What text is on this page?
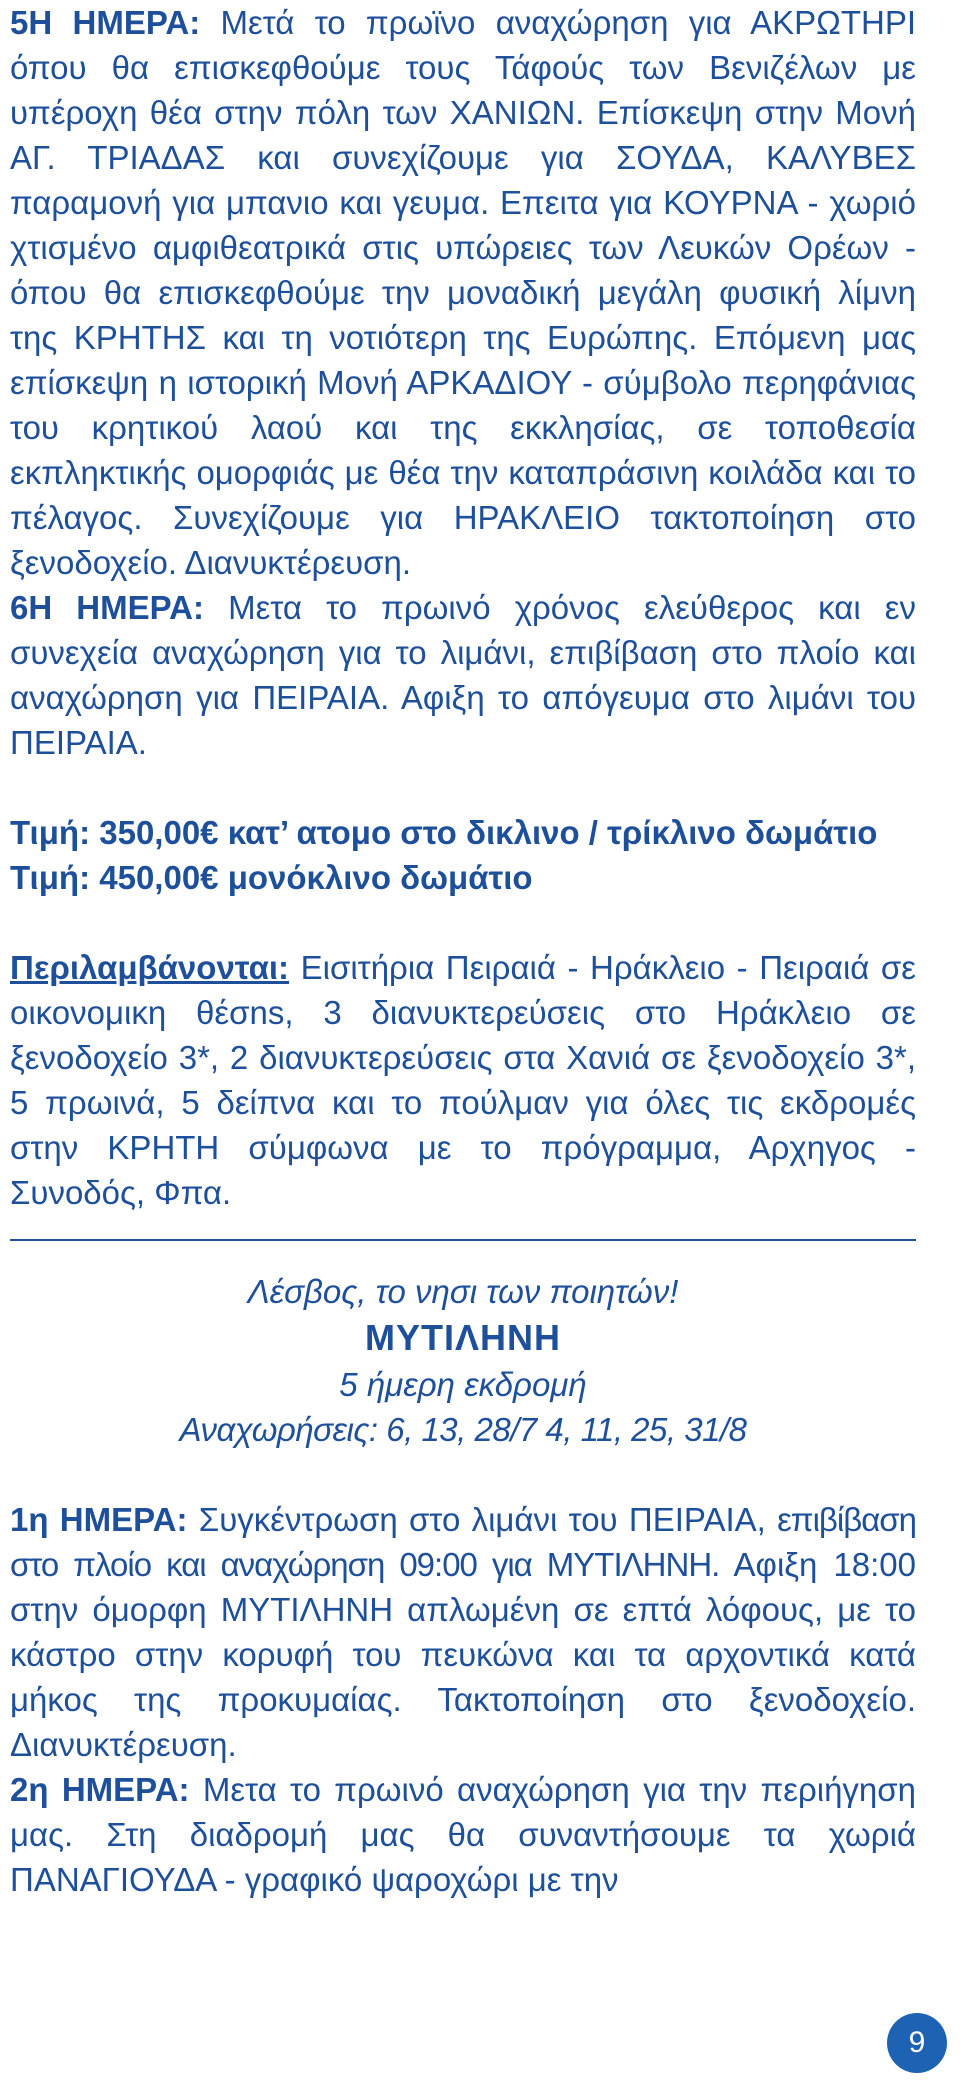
5Η ΗΜΕΡΑ: Μετά το πρωϊνο αναχώρηση για ΑΚΡΩΤΗΡΙ όπου θα επισκεφθούμε τους Τάφούς των Βενιζέλων με υπέροχη θέα στην πόλη των ΧΑΝΙΩΝ. Επίσκεψη στην Μονή ΑΓ. ΤΡΙΑΔΑΣ και συνεχίζουμε για ΣΟΥΔΑ, ΚΑΛΥΒΕΣ παραμονή για μπανιο και γευμα. Επειτα για ΚΟΥΡΝΑ - χωριό χτισμένο αμφιθεατρικά στις υπώρειες των Λευκών Ορέων - όπου θα επισκεφθούμε την μοναδική μεγάλη φυσική λίμνη της ΚΡΗΤΗΣ και τη νοτιότερη της Ευρώπης. Επόμενη μας επίσκεψη η ιστορική Μονή ΑΡΚΑΔΙΟΥ - σύμβολο περηφάνιας του κρητικού λαού και της εκκλησίας, σε τοποθεσία εκπληκτικής ομορφιάς με θέα την καταπράσινη κοιλάδα και το πέλαγος. Συνεχίζουμε για ΗΡΑΚΛΕΙΟ τακτοποίηση στο ξενοδοχείο. Διανυκτέρευση.

6Η ΗΜΕΡΑ: Μετα το πρωινό χρόνος ελεύθερος και εν συνεχεία αναχώρηση για το λιμάνι, επιβίβαση στο πλοίο και αναχώρηση για ΠΕΙΡΑΙΑ. Αφιξη το απόγευμα στο λιμάνι του ΠΕΙΡΑΙΑ.

Τιμή: 350,00€ κατ’ ατομο στο δικλινο / τρίκλινο δωμάτιο

Τιμή: 450,00€ μονόκλινο δωμάτιο

Περιλαμβάνονται: Εισιτήρια Πειραιά - Ηράκλειο - Πειραιά σε οικονομικη θέσns, 3 διανυκτερεύσεις στο Ηράκλειο σε ξενοδοχείο 3*, 2 διανυκτερεύσεις στα Χανιά σε ξενοδοχείο 3*, 5 πρωινά, 5 δείπνα και το πούλμαν για όλες τις εκδρομές στην ΚΡΗΤΗ σύμφωνα με το πρόγραμμα, Αρχηγος - Συνοδός, Φπα.

Λέσβος, το νησι των ποιητών!

ΜΥΤΙΛΗΝΗ

5 ήμερη εκδρομή

Αναχωρήσεις: 6, 13, 28/7 4, 11, 25, 31/8

1η ΗΜΕΡΑ: Συγκέντρωση στο λιμάνι του ΠΕΙΡΑΙΑ, επιβίβαση στο πλοίο και αναχώρηση 09:00 για ΜΥΤΙΛΗΝΗ. Αφιξη 18:00 στην όμορφη ΜΥΤΙΛΗΝΗ απλωμένη σε επτά λόφους, με το κάστρο στην κορυφή του πευκώνα και τα αρχοντικά κατά μήκος της προκυμαίας. Τακτοποίηση στο ξενοδοχείο. Διανυκτέρευση.

2η ΗΜΕΡΑ: Μετα το πρωινό αναχώρηση για την περιήγηση μας. Στη διαδρομή μας θα συναντήσουμε τα χωριά ΠΑΝΑΓΙΟΥΔΑ - γραφικό ψαροχώρι με την

9
